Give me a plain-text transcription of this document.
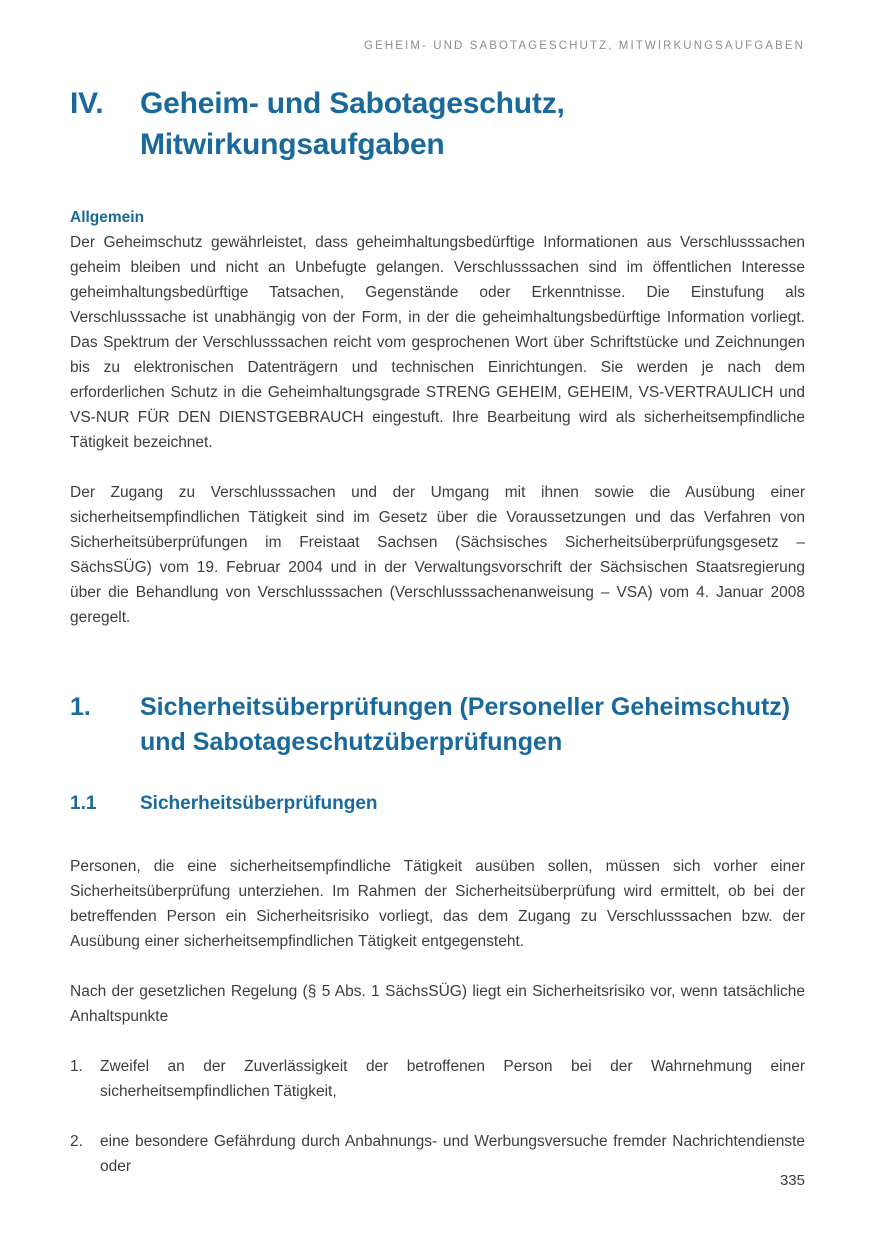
GEHEIM- UND SABOTAGESCHUTZ, MITWIRKUNGSAUFGABEN
IV.	Geheim- und Sabotageschutz, Mitwirkungsaufgaben
Allgemein

Der Geheimschutz gewährleistet, dass geheimhaltungsbedürftige Informationen aus Verschlusssachen geheim bleiben und nicht an Unbefugte gelangen. Verschlusssachen sind im öffentlichen Interesse geheimhaltungsbedürftige Tatsachen, Gegenstände oder Erkenntnisse. Die Einstufung als Verschlusssache ist unabhängig von der Form, in der die geheimhaltungsbedürftige Information vorliegt. Das Spektrum der Verschlusssachen reicht vom gesprochenen Wort über Schriftstücke und Zeichnungen bis zu elektronischen Datenträgern und technischen Einrichtungen. Sie werden je nach dem erforderlichen Schutz in die Geheimhaltungsgrade STRENG GEHEIM, GEHEIM, VS-VERTRAULICH und VS-NUR FÜR DEN DIENSTGEBRAUCH eingestuft. Ihre Bearbeitung wird als sicherheitsempfindliche Tätigkeit bezeichnet.

Der Zugang zu Verschlusssachen und der Umgang mit ihnen sowie die Ausübung einer sicherheitsempfindlichen Tätigkeit sind im Gesetz über die Voraussetzungen und das Verfahren von Sicherheitsüberprüfungen im Freistaat Sachsen (Sächsisches Sicherheitsüberprüfungsgesetz – SächsSÜG) vom 19. Februar 2004 und in der Verwaltungsvorschrift der Sächsischen Staatsregierung über die Behandlung von Verschlusssachen (Verschlusssachenanweisung – VSA) vom 4. Januar 2008 geregelt.

1.	Sicherheitsüberprüfungen (Personeller Geheimschutz) und Sabotageschutzüberprüfungen
1.1	Sicherheitsüberprüfungen

Personen, die eine sicherheitsempfindliche Tätigkeit ausüben sollen, müssen sich vorher einer Sicherheitsüberprüfung unterziehen. Im Rahmen der Sicherheitsüberprüfung wird ermittelt, ob bei der betreffenden Person ein Sicherheitsrisiko vorliegt, das dem Zugang zu Verschlusssachen bzw. der Ausübung einer sicherheitsempfindlichen Tätigkeit entgegensteht.

Nach der gesetzlichen Regelung (§ 5 Abs. 1 SächsSÜG) liegt ein Sicherheitsrisiko vor, wenn tatsächliche Anhaltspunkte

1.	Zweifel an der Zuverlässigkeit der betroffenen Person bei der Wahrnehmung einer sicherheitsempfindlichen Tätigkeit,
2.	eine besondere Gefährdung durch Anbahnungs- und Werbungsversuche fremder Nachrichtendienste oder
335
